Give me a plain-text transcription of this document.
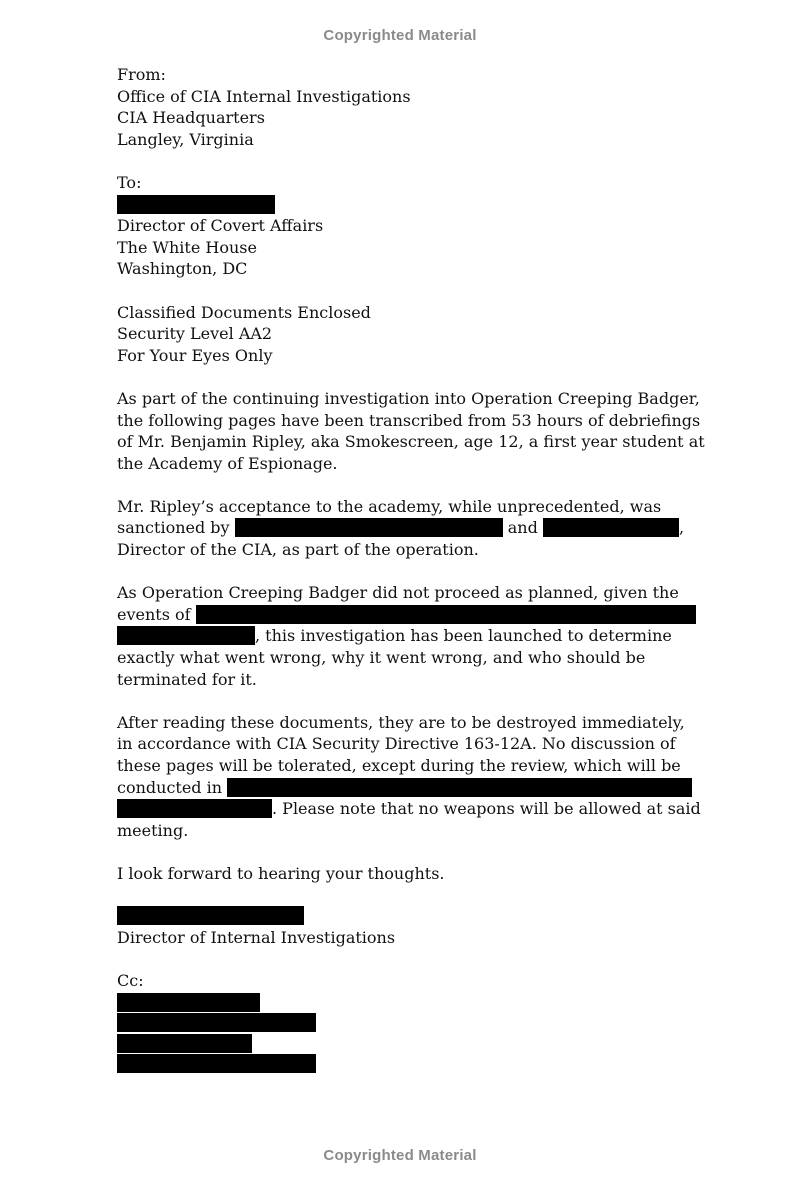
Copyrighted Material
From:
Office of CIA Internal Investigations
CIA Headquarters
Langley, Virginia
To:
Director of Covert Affairs
The White House
Washington, DC
Classified Documents Enclosed
Security Level AA2
For Your Eyes Only
As part of the continuing investigation into Operation Creeping Badger,
the following pages have been transcribed from 53 hours of debriefings
of Mr. Benjamin Ripley, aka Smokescreen, age 12, a first year student at
the Academy of Espionage.
Mr. Ripley’s acceptance to the academy, while unprecedented, was
sanctioned by	and	,
Director of the CIA, as part of the operation.
As Operation Creeping Badger did not proceed as planned, given the
events of
, this investigation has been launched to determine
exactly what went wrong, why it went wrong, and who should be
terminated for it.
After reading these documents, they are to be destroyed immediately,
in accordance with CIA Security Directive 163-12A. No discussion of
these pages will be tolerated, except during the review, which will be
conducted in
. Please note that no weapons will be allowed at said
meeting.
I look forward to hearing your thoughts.
Director of Internal Investigations
Cc:
Copyrighted Material
